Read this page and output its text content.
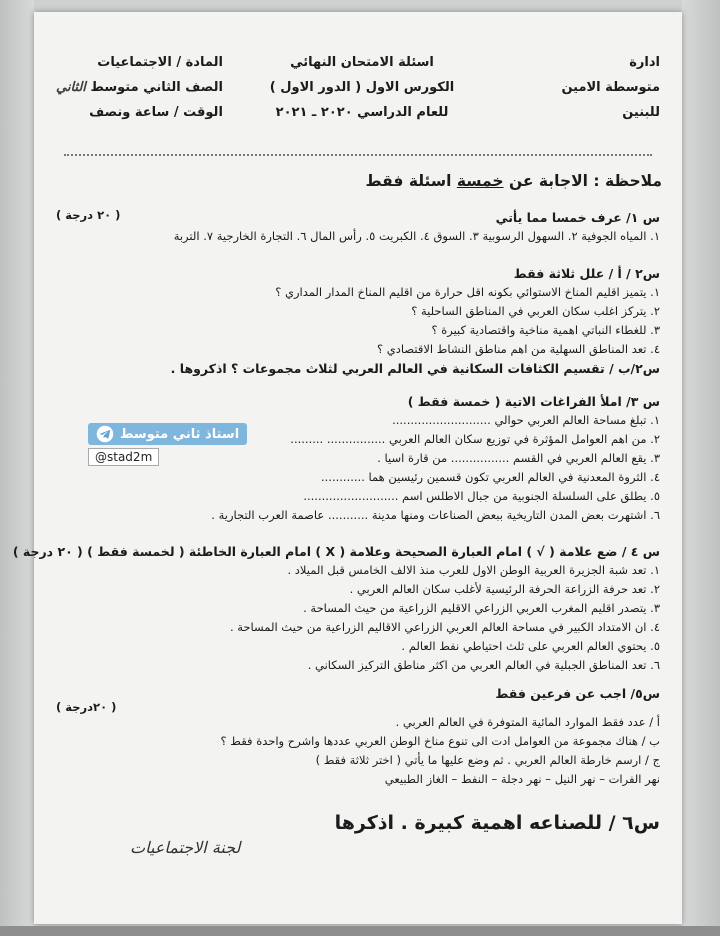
ادارة
متوسطة الامين
للبنين
اسئلة الامتحان النهائي
الكورس الاول ( الدور الاول )
للعام الدراسي ٢٠٢٠ ـ ٢٠٢١
المادة / الاجتماعيات
الصف الثاني متوسط الثاني
الوقت / ساعة ونصف
ملاحظة : الاجابة عن خمسة اسئلة فقط
( ٢٠ درجة )	س ١/ عرف خمسا مما يأتي
١. المياه الجوفية ٢. السهول الرسوبية ٣. السوق ٤. الكبريت ٥. رأس المال ٦. التجارة الخارجية ٧. التربة
س٢ / أ / علل ثلاثة فقط
١. يتميز اقليم المناخ الاستوائي بكونه اقل حرارة من اقليم المناخ المدار المداري ؟
٢. يتركز اغلب سكان العربي في المناطق الساحلية ؟
٣. للغطاء النباتي اهمية مناخية واقتصادية كبيرة ؟
٤. تعد المناطق السهلية من اهم مناطق النشاط الاقتصادي ؟
س٢/ب / تقسيم الكثافات السكانية في العالم العربي لثلاث مجموعات ؟ اذكروها .
س ٣/ املأ الفراغات الاتية ( خمسة فقط )
١. تبلغ مساحة العالم العربي حوالي ...........................
٢. من اهم العوامل المؤثرة في توزيع سكان العالم العربي ................ .........
٣. يقع العالم العربي في القسم ................ من قارة اسيا .
٤. الثروة المعدنية في العالم العربي تكون قسمين رئيسين هما ............
٥. يطلق على السلسلة الجنوبية من جبال الاطلس اسم ..........................
٦. اشتهرت بعض المدن التاريخية ببعض الصناعات ومنها مدينة ........... عاصمة العرب التجارية .
س ٤ / ضع علامة ( √ ) امام العبارة الصحيحة وعلامة ( X ) امام العبارة الخاطئة ( لخمسة فقط ) ( ٢٠ درجة )
١. تعد شبة الجزيرة العربية الوطن الاول للعرب منذ الالف الخامس قبل الميلاد .
٢. تعد حرفة الزراعة الحرفة الرئيسية لأغلب سكان العالم العربي .
٣. يتصدر اقليم المغرب العربي الزراعي الاقليم الزراعية من حيث المساحة .
٤. ان الامتداد الكبير في مساحة العالم العربي الزراعي الاقاليم الزراعية من حيث المساحة .
٥. يحتوي العالم العربي على ثلث احتياطي نفط العالم .
٦. تعد المناطق الجبلية في العالم العربي من اكثر مناطق التركيز السكاني .
( ٢٠درجة )
س٥/ اجب عن فرعين فقط
أ / عدد فقط الموارد المائية المتوفرة في العالم العربي .
ب / هناك مجموعة من العوامل ادت الى تنوع مناخ الوطن العربي عددها واشرح واحدة فقط ؟
ج / ارسم خارطة العالم العربي . ثم وضع عليها ما يأتي ( اختر ثلاثة فقط )
نهر الفرات – نهر النيل – نهر دجلة – النفط – الغاز الطبيعي
س٦ / للصناعه اهمية كبيرة . اذكرها
لجنة الاجتماعيات
استاذ ثاني متوسط
@stad2m
